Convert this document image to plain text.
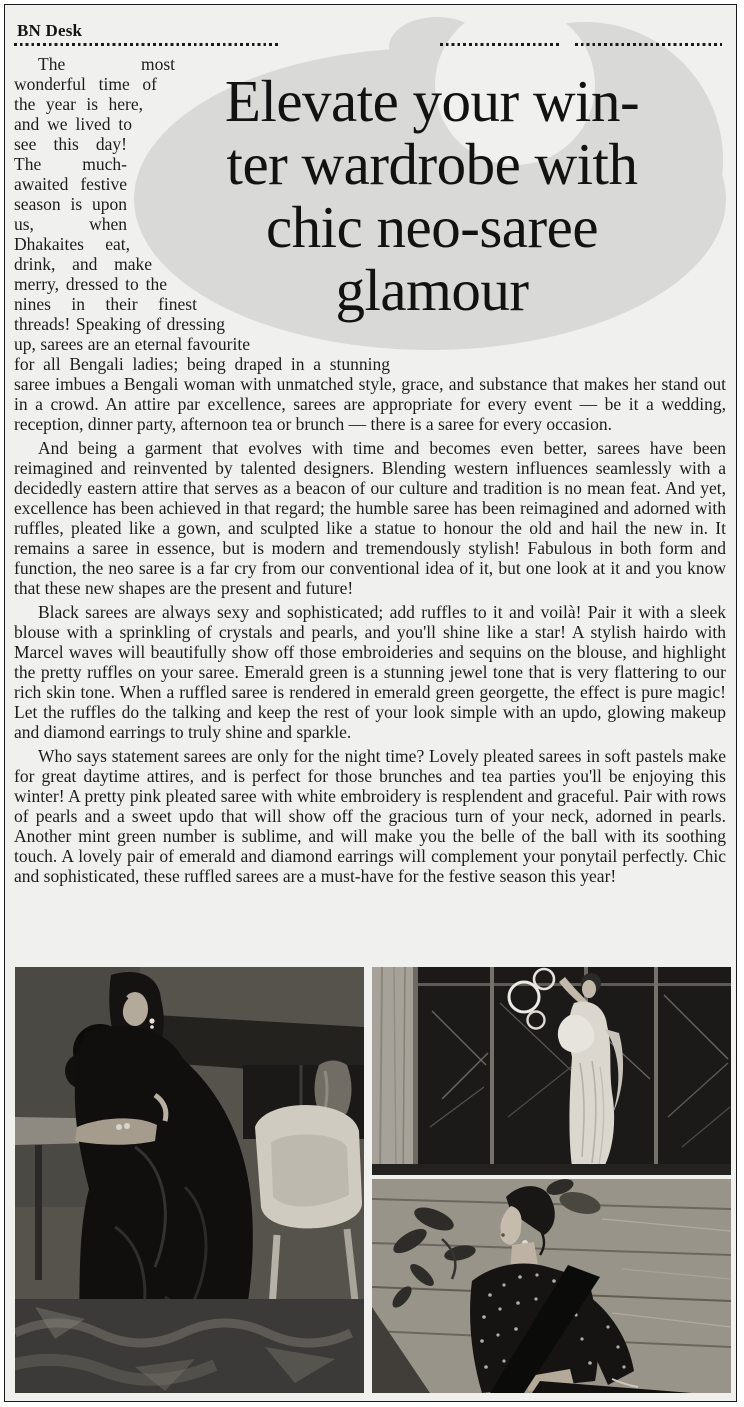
BN Desk
Elevate your win-
ter wardrobe with
chic neo-saree
glamour

The most wonderful time of the year is here, and we lived to see this day! The much-awaited festive season is upon us, when Dhakaites eat, drink, and make merry, dressed to the nines in their finest threads! Speaking of dressing up, sarees are an eternal favourite for all Bengali ladies; being draped in a stunning saree imbues a Bengali woman with unmatched style, grace, and substance that makes her stand out in a crowd. An attire par excellence, sarees are appropriate for every event — be it a wedding, reception, dinner party, afternoon tea or brunch — there is a saree for every occasion.

And being a garment that evolves with time and becomes even better, sarees have been reimagined and reinvented by talented designers. Blending western influences seamlessly with a decidedly eastern attire that serves as a beacon of our culture and tradition is no mean feat. And yet, excellence has been achieved in that regard; the humble saree has been reimagined and adorned with ruffles, pleated like a gown, and sculpted like a statue to honour the old and hail the new in. It remains a saree in essence, but is modern and tremendously stylish! Fabulous in both form and function, the neo saree is a far cry from our conventional idea of it, but one look at it and you know that these new shapes are the present and future!

Black sarees are always sexy and sophisticated; add ruffles to it and voilà! Pair it with a sleek blouse with a sprinkling of crystals and pearls, and you'll shine like a star! A stylish hairdo with Marcel waves will beautifully show off those embroideries and sequins on the blouse, and highlight the pretty ruffles on your saree. Emerald green is a stunning jewel tone that is very flattering to our rich skin tone. When a ruffled saree is rendered in emerald green georgette, the effect is pure magic! Let the ruffles do the talking and keep the rest of your look simple with an updo, glowing makeup and diamond earrings to truly shine and sparkle.

Who says statement sarees are only for the night time? Lovely pleated sarees in soft pastels make for great daytime attires, and is perfect for those brunches and tea parties you'll be enjoying this winter! A pretty pink pleated saree with white embroidery is resplendent and graceful. Pair with rows of pearls and a sweet updo that will show off the gracious turn of your neck, adorned in pearls. Another mint green number is sublime, and will make you the belle of the ball with its soothing touch. A lovely pair of emerald and diamond earrings will complement your ponytail perfectly. Chic and sophisticated, these ruffled sarees are a must-have for the festive season this year!
